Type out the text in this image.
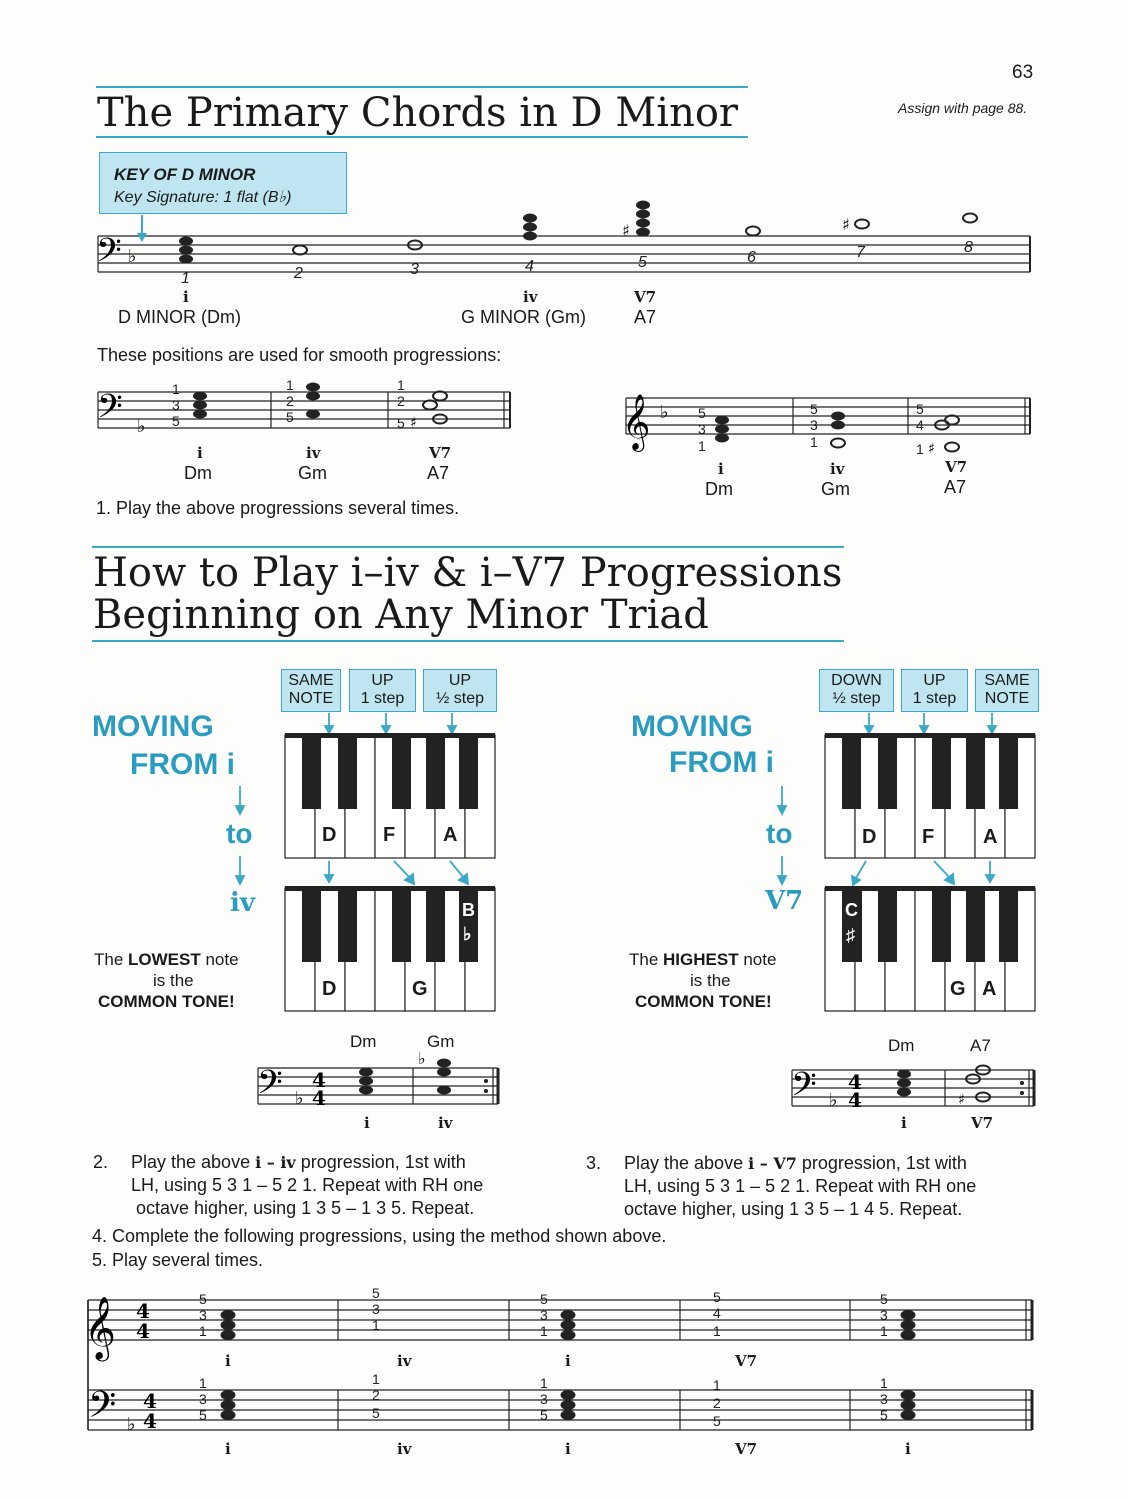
63
Assign with page 88.
The Primary Chords in D Minor
KEY OF D MINOR
Key Signature: 1 flat (B♭)
𝄢 ♭
♯	♯
1	2	3	4	5	6	7	8
i
D MINOR (Dm)
iv
G MINOR (Gm)
V7
A7
These positions are used for smooth progressions:
𝄢 ♭	♯
1
3
5
1
2
5
1
2
5
i	iv	V7
Dm	Gm	A7
𝄞 ♭
♯
5
3
1
5
3
1
5
4
1
i	iv	V7
Dm	Gm	A7
1. Play the above progressions several times.
How to Play i–iv & i–V7 Progressions
Beginning on Any Minor Triad
SAME
NOTE
UP
1 step
UP
½ step
MOVING
FROM i
to
iv
D F A
D	G
B
♭
The LOWEST note
is the
COMMON TONE!
𝄢 ♭
4
4
♭
Dm	Gm
i	iv
DOWN
½ step
UP
1 step
SAME
NOTE
MOVING
FROM i
to
V7
D F A
G A
C
♯
The HIGHEST note
is the
COMMON TONE!
𝄢 ♭
4
4	♯
Dm	A7
i	V7
2. Play the above i – iv progression, 1st with
LH, using 5 3 1 – 5 2 1. Repeat with RH one
octave higher, using 1 3 5 – 1 3 5. Repeat.
3. Play the above i – V7 progression, 1st with
LH, using 5 3 1 – 5 2 1. Repeat with RH one
octave higher, using 1 3 5 – 1 4 5. Repeat.
4. Complete the following progressions, using the method shown above.
5. Play several times.
𝄞 4
4
5
3
1
5
3
1
5
3
1
5
4
1
5
3
1
𝄢 ♭
4
4
1
3
5
1
2
5
1
3
5
1
2
5
1
3
5
i	iv	i	V7
i	iv	i	V7	i
